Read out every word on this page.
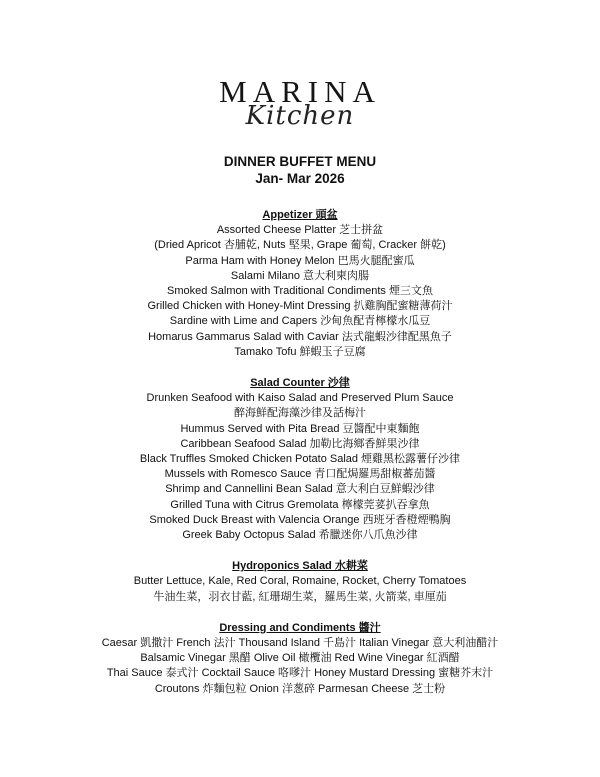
MARINA
Kitchen
DINNER BUFFET MENU
Jan- Mar 2026
Appetizer 頭盆
Assorted Cheese Platter 芝士拼盆
(Dried Apricot 杏脯乾, Nuts 堅果, Grape 葡萄, Cracker 餅乾)
Parma Ham with Honey Melon 巴馬火腿配蜜瓜
Salami Milano 意大利柬肉腸
Smoked Salmon with Traditional Condiments 煙三文魚
Grilled Chicken with Honey-Mint Dressing 扒雞胸配蜜糖薄荷汁
Sardine with Lime and Capers 沙甸魚配青檸檬水瓜豆
Homarus Gammarus Salad with Caviar 法式龍蝦沙律配黑魚子
Tamako Tofu 鮮蝦玉子豆腐
Salad Counter 沙律
Drunken Seafood with Kaiso Salad and Preserved Plum Sauce
醉海鮮配海藻沙律及話梅汁
Hummus Served with Pita Bread 豆醬配中東麵飽
Caribbean Seafood Salad 加勒比海鄉香鮮果沙律
Black Truffles Smoked Chicken Potato Salad 煙雞黑松露薯仔沙律
Mussels with Romesco Sauce 青口配焗羅馬甜椒蕃茄醬
Shrimp and Cannellini Bean Salad 意大利白豆鮮蝦沙律
Grilled Tuna with Citrus Gremolata 檸檬莞荽扒吞拿魚
Smoked Duck Breast with Valencia Orange 西班牙香橙煙鴨胸
Greek Baby Octopus Salad 希臘迷你八爪魚沙律
Hydroponics Salad 水耕菜
Butter Lettuce, Kale, Red Coral, Romaine, Rocket, Cherry Tomatoes
牛油生菜，羽衣甘藍, 紅珊瑚生菜，羅馬生菜, 火箭菜, 車厘茄
Dressing and Condiments 醬汁
Caesar 凱撒汁 French 法汁 Thousand Island 千島汁 Italian Vinegar 意大利油醋汁
Balsamic Vinegar 黑醋 Olive Oil 橄欖油 Red Wine Vinegar 紅酒醋
Thai Sauce 泰式汁 Cocktail Sauce 咯嗲汁 Honey Mustard Dressing 蜜糖芥末汁
Croutons 炸麵包粒 Onion 洋葱碎 Parmesan Cheese 芝士粉
